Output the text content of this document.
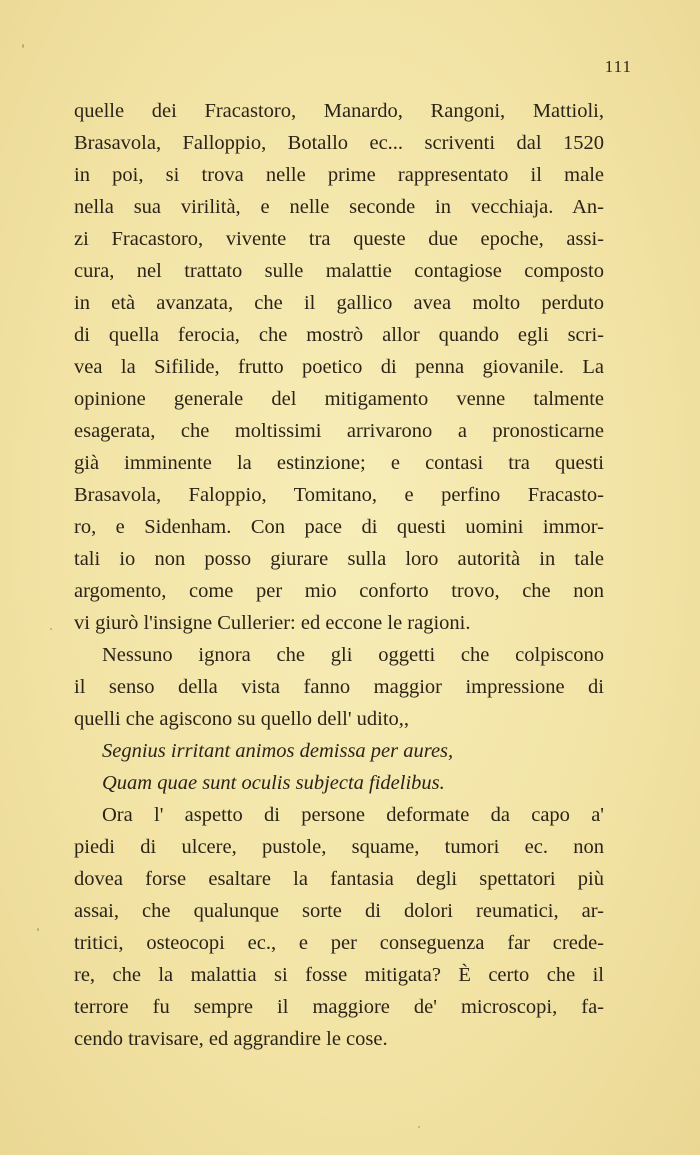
111
quelle dei Fracastoro, Manardo, Rangoni, Mattioli,
Brasavola, Falloppio, Botallo ec... scriventi dal 1520
in poi, si trova nelle prime rappresentato il male
nella sua virilità, e nelle seconde in vecchiaja. An-
zi Fracastoro, vivente tra queste due epoche, assi-
cura, nel trattato sulle malattie contagiose composto
in età avanzata, che il gallico avea molto perduto
di quella ferocia, che mostrò allor quando egli scri-
vea la Sifilide, frutto poetico di penna giovanile. La
opinione generale del mitigamento venne talmente
esagerata, che moltissimi arrivarono a pronosticarne
già imminente la estinzione; e contasi tra questi
Brasavola, Faloppio, Tomitano, e perfino Fracasto-
ro, e Sidenham. Con pace di questi uomini immor-
tali io non posso giurare sulla loro autorità in tale
argomento, come per mio conforto trovo, che non
vi giurò l'insigne Cullerier: ed eccone le ragioni.
Nessuno ignora che gli oggetti che colpiscono
il senso della vista fanno maggior impressione di
quelli che agiscono su quello dell' udito,,
Segnius irritant animos demissa per aures,
Quam quae sunt oculis subjecta fidelibus.
Ora l' aspetto di persone deformate da capo a'
piedi di ulcere, pustole, squame, tumori ec. non
dovea forse esaltare la fantasia degli spettatori più
assai, che qualunque sorte di dolori reumatici, ar-
tritici, osteocopi ec., e per conseguenza far crede-
re, che la malattia si fosse mitigata? È certo che il
terrore fu sempre il maggiore de' microscopi, fa-
cendo travisare, ed aggrandire le cose.
